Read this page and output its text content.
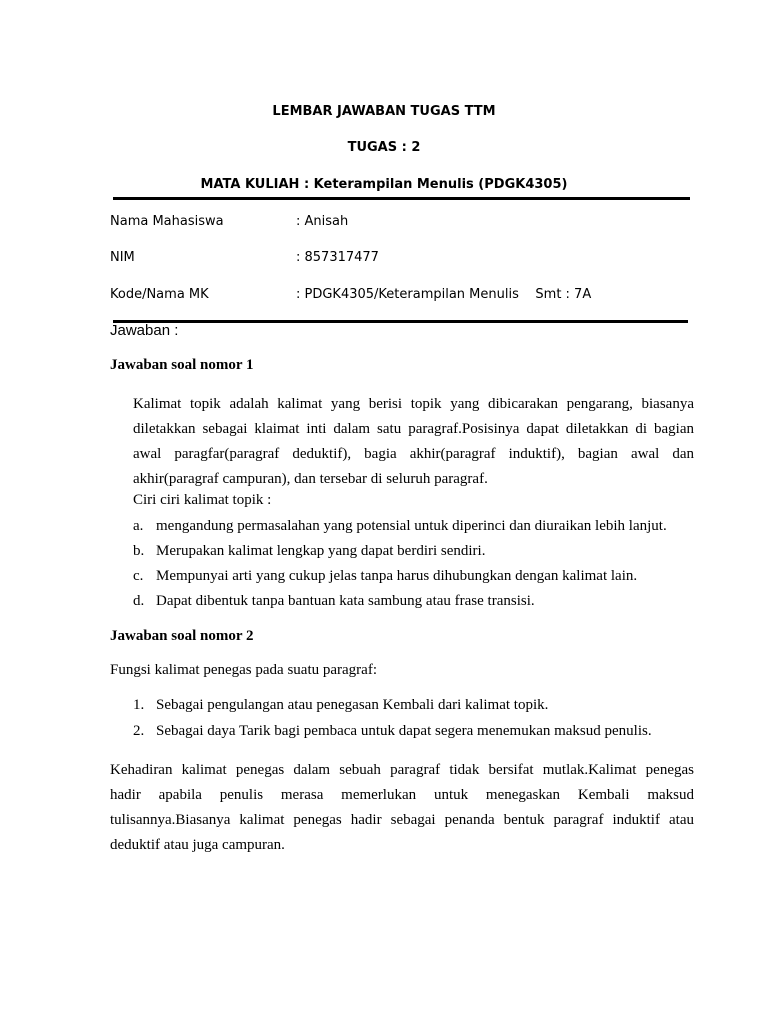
LEMBAR JAWABAN TUGAS TTM
TUGAS : 2
MATA KULIAH : Keterampilan Menulis (PDGK4305)
Nama Mahasiswa	: Anisah
NIM	: 857317477
Kode/Nama MK	: PDGK4305/Keterampilan Menulis    Smt : 7A
Jawaban :
Jawaban soal nomor 1
Kalimat topik adalah kalimat yang berisi topik yang dibicarakan pengarang, biasanya
diletakkan sebagai klaimat inti dalam satu paragraf.Posisinya dapat diletakkan di bagian
awal paragfar(paragraf deduktif), bagia akhir(paragraf induktif), bagian awal dan
akhir(paragraf campuran), dan tersebar di seluruh paragraf.
Ciri ciri kalimat topik :
a. mengandung permasalahan yang potensial untuk diperinci dan diuraikan lebih lanjut.
b. Merupakan kalimat lengkap yang dapat berdiri sendiri.
c. Mempunyai arti yang cukup jelas tanpa harus dihubungkan dengan kalimat lain.
d. Dapat dibentuk tanpa bantuan kata sambung atau frase transisi.
Jawaban soal nomor 2
Fungsi kalimat penegas pada suatu paragraf:
1. Sebagai pengulangan atau penegasan Kembali dari kalimat topik.
2. Sebagai daya Tarik bagi pembaca untuk dapat segera menemukan maksud penulis.
Kehadiran kalimat penegas dalam sebuah paragraf tidak bersifat mutlak.Kalimat penegas
hadir apabila penulis merasa memerlukan untuk menegaskan Kembali maksud
tulisannya.Biasanya kalimat penegas hadir sebagai penanda bentuk paragraf induktif atau
deduktif atau juga campuran.
